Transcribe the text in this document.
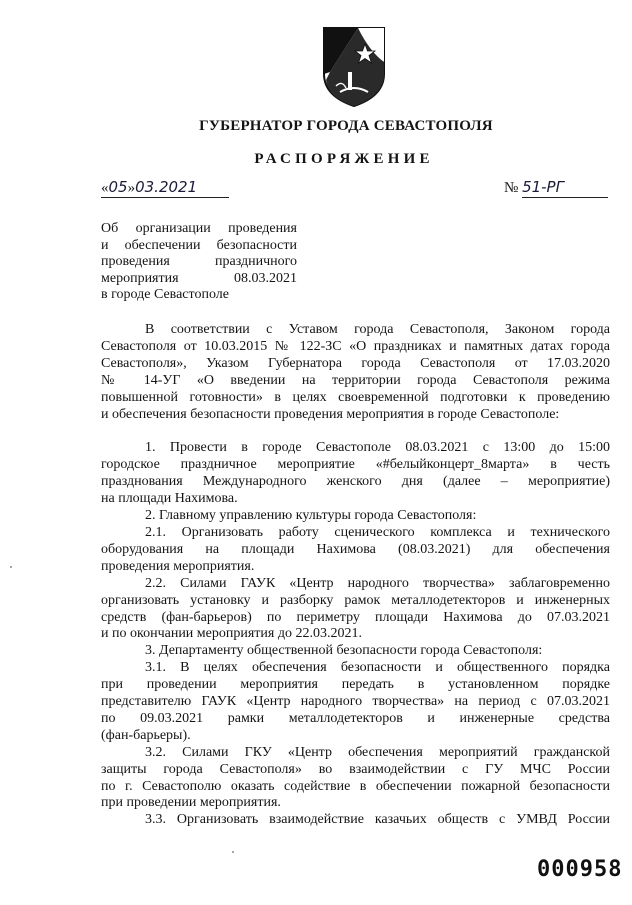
ГУБЕРНАТОР ГОРОДА СЕВАСТОПОЛЯ
РАСПОРЯЖЕНИЕ
«05»03.2021	№ 51-РГ
Об организации проведения
и обеспечении безопасности
проведения праздничного
мероприятия 08.03.2021
в городе Севастополе
В соответствии с Уставом города Севастополя, Законом города
Севастополя от 10.03.2015 № 122-ЗС «О праздниках и памятных датах города
Севастополя», Указом Губернатора города Севастополя от 17.03.2020
№ 14-УГ «О введении на территории города Севастополя режима
повышенной готовности» в целях своевременной подготовки к проведению
и обеспечения безопасности проведения мероприятия в городе Севастополе:
1. Провести в городе Севастополе 08.03.2021 с 13:00 до 15:00
городское праздничное мероприятие «#белыйконцерт_8марта» в честь
празднования Международного женского дня (далее – мероприятие)
на площади Нахимова.
2. Главному управлению культуры города Севастополя:
2.1. Организовать работу сценического комплекса и технического
оборудования на площади Нахимова (08.03.2021) для обеспечения
проведения мероприятия.
2.2. Силами ГАУК «Центр народного творчества» заблаговременно
организовать установку и разборку рамок металлодетекторов и инженерных
средств (фан-барьеров) по периметру площади Нахимова до 07.03.2021
и по окончании мероприятия до 22.03.2021.
3. Департаменту общественной безопасности города Севастополя:
3.1. В целях обеспечения безопасности и общественного порядка
при проведении мероприятия передать в установленном порядке
представителю ГАУК «Центр народного творчества» на период с 07.03.2021
по 09.03.2021 рамки металлодетекторов и инженерные средства
(фан-барьеры).
3.2. Силами ГКУ «Центр обеспечения мероприятий гражданской
защиты города Севастополя» во взаимодействии с ГУ МЧС России
по г. Севастополю оказать содействие в обеспечении пожарной безопасности
при проведении мероприятия.
3.3. Организовать взаимодействие казачьих обществ с УМВД России
000958
